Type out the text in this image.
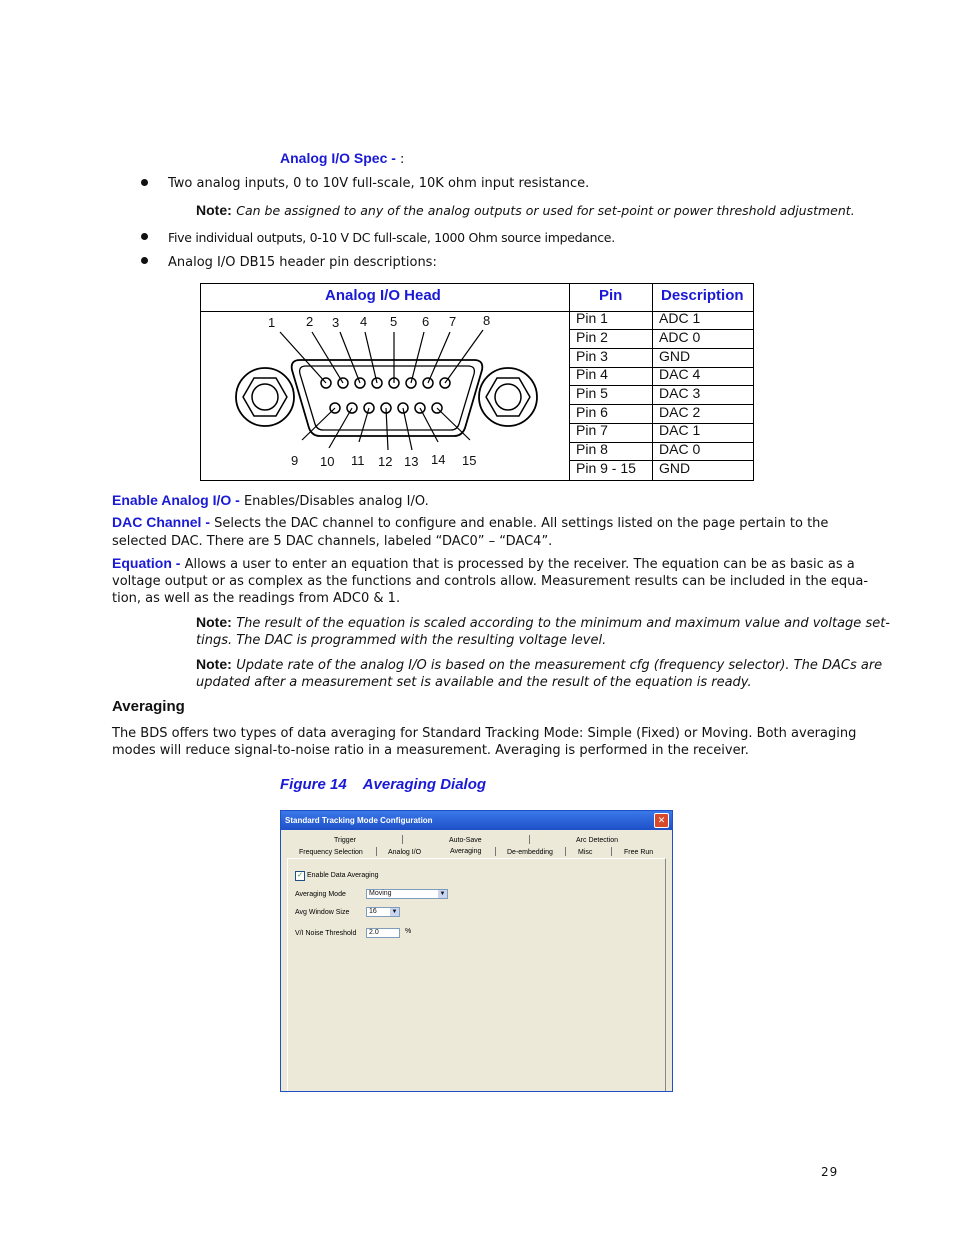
Analog I/O Spec - :
Two analog inputs, 0 to 10V full-scale, 10K ohm input resistance.
Note: Can be assigned to any of the analog outputs or used for set-point or power threshold adjustment.
Five individual outputs, 0-10 V DC full-scale, 1000 Ohm source impedance.
Analog I/O DB15 header pin descriptions:
Analog I/O Head	Pin	Description
Pin 1	ADC 1
Pin 2	ADC 0
Pin 3	GND
Pin 4	DAC 4
Pin 5	DAC 3
Pin 6	DAC 2
Pin 7	DAC 1
Pin 8	DAC 0
Pin 9 - 15 GND
1 2 3 4 5 6 7 8
9 10 11 12 13 14 15
Enable Analog I/O - Enables/Disables analog I/O.
DAC Channel - Selects the DAC channel to configure and enable. All settings listed on the page pertain to the
selected DAC. There are 5 DAC channels, labeled “DAC0” – “DAC4”.
Equation - Allows a user to enter an equation that is processed by the receiver. The equation can be as basic as a
voltage output or as complex as the functions and controls allow. Measurement results can be included in the equa-
tion, as well as the readings from ADC0 & 1.
Note: The result of the equation is scaled according to the minimum and maximum value and voltage set-
tings. The DAC is programmed with the resulting voltage level.
Note: Update rate of the analog I/O is based on the measurement cfg (frequency selector). The DACs are
updated after a measurement set is available and the result of the equation is ready.
Averaging
The BDS offers two types of data averaging for Standard Tracking Mode: Simple (Fixed) or Moving. Both averaging
modes will reduce signal-to-noise ratio in a measurement. Averaging is performed in the receiver.
Figure 14 Averaging Dialog
Standard Tracking Mode Configuration	✕
Trigger	Auto-Save	Arc Detection
Frequency Selection	Analog I/O	Averaging	De-embedding	Misc	Free Run
✓ Enable Data Averaging
Averaging Mode	Moving	▼
Avg Window Size	16 ▼
V/I Noise Threshold	2.0	%
29
